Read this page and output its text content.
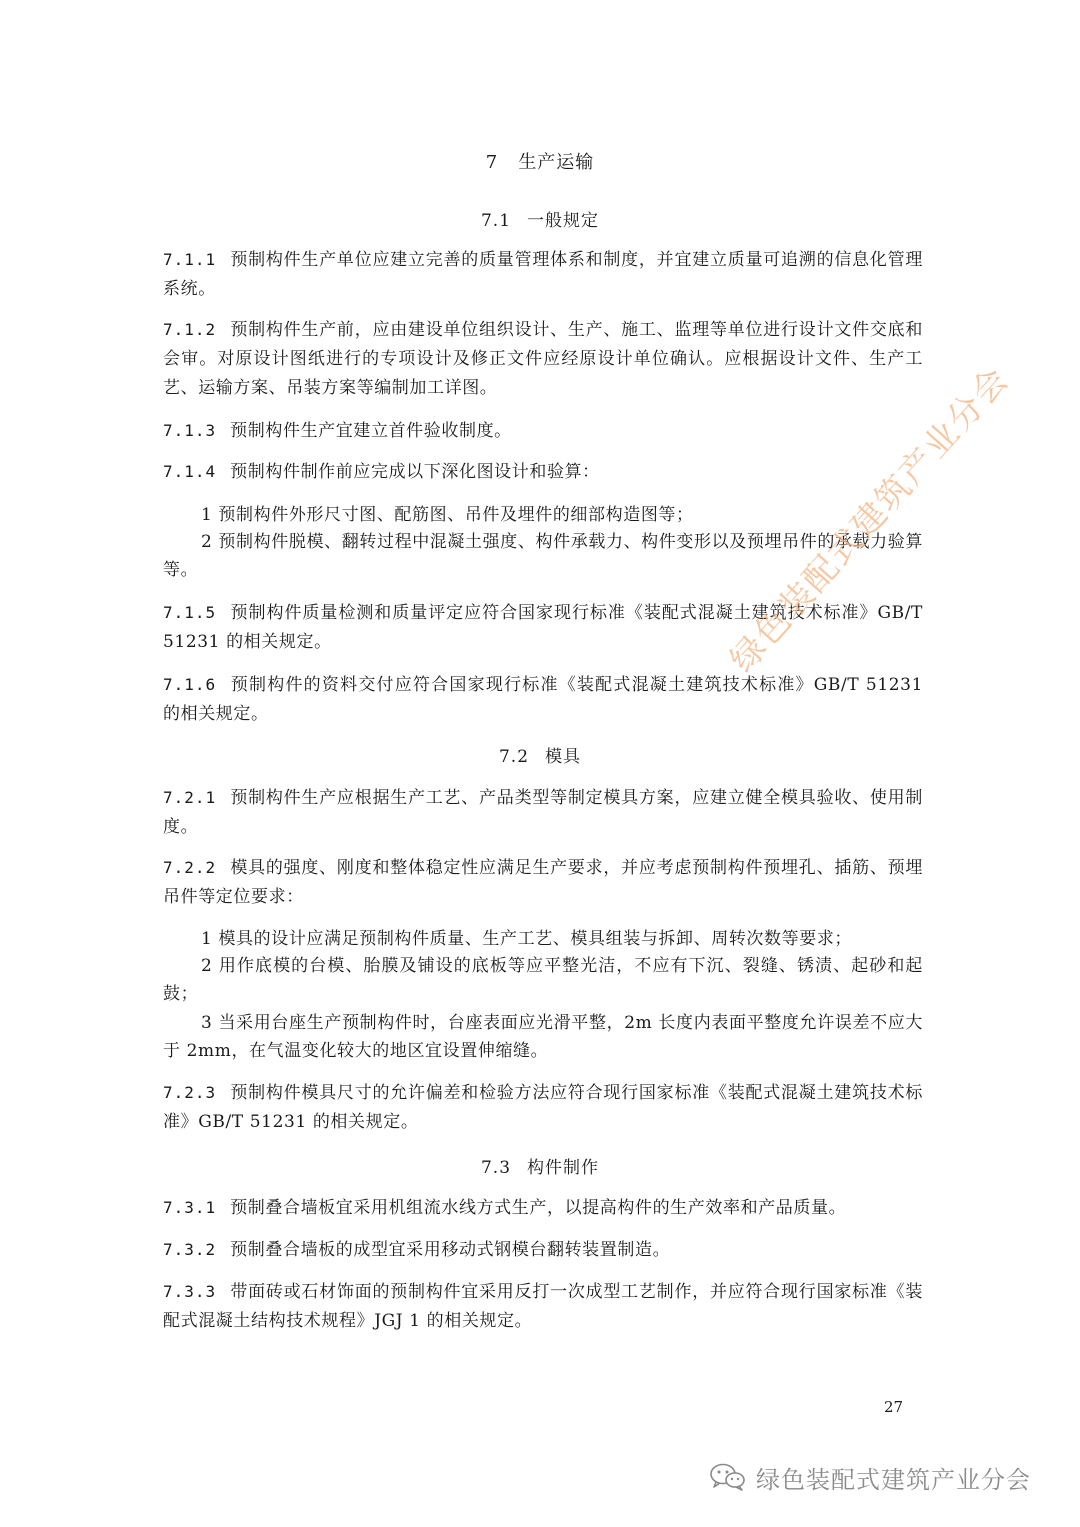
7 生产运输
7.1 一般规定
7.1.1 预制构件生产单位应建立完善的质量管理体系和制度，并宜建立质量可追溯的信息化管理系统。
7.1.2 预制构件生产前，应由建设单位组织设计、生产、施工、监理等单位进行设计文件交底和会审。对原设计图纸进行的专项设计及修正文件应经原设计单位确认。应根据设计文件、生产工艺、运输方案、吊装方案等编制加工详图。
7.1.3 预制构件生产宜建立首件验收制度。
7.1.4 预制构件制作前应完成以下深化图设计和验算：
1 预制构件外形尺寸图、配筋图、吊件及埋件的细部构造图等；
2 预制构件脱模、翻转过程中混凝土强度、构件承载力、构件变形以及预埋吊件的承载力验算等。
7.1.5 预制构件质量检测和质量评定应符合国家现行标准《装配式混凝土建筑技术标准》GB/T 51231 的相关规定。
7.1.6 预制构件的资料交付应符合国家现行标准《装配式混凝土建筑技术标准》GB/T 51231 的相关规定。
7.2 模具
7.2.1 预制构件生产应根据生产工艺、产品类型等制定模具方案，应建立健全模具验收、使用制度。
7.2.2 模具的强度、刚度和整体稳定性应满足生产要求，并应考虑预制构件预埋孔、插筋、预埋吊件等定位要求：
1 模具的设计应满足预制构件质量、生产工艺、模具组装与拆卸、周转次数等要求；
2 用作底模的台模、胎膜及铺设的底板等应平整光洁，不应有下沉、裂缝、锈渍、起砂和起鼓；
3 当采用台座生产预制构件时，台座表面应光滑平整，2m 长度内表面平整度允许误差不应大于 2mm，在气温变化较大的地区宜设置伸缩缝。
7.2.3 预制构件模具尺寸的允许偏差和检验方法应符合现行国家标准《装配式混凝土建筑技术标准》GB/T 51231 的相关规定。
7.3 构件制作
7.3.1 预制叠合墙板宜采用机组流水线方式生产，以提高构件的生产效率和产品质量。
7.3.2 预制叠合墙板的成型宜采用移动式钢模台翻转装置制造。
7.3.3 带面砖或石材饰面的预制构件宜采用反打一次成型工艺制作，并应符合现行国家标准《装配式混凝土结构技术规程》JGJ 1 的相关规定。
27
绿色装配式建筑产业分会
绿色装配式建筑产业分会
